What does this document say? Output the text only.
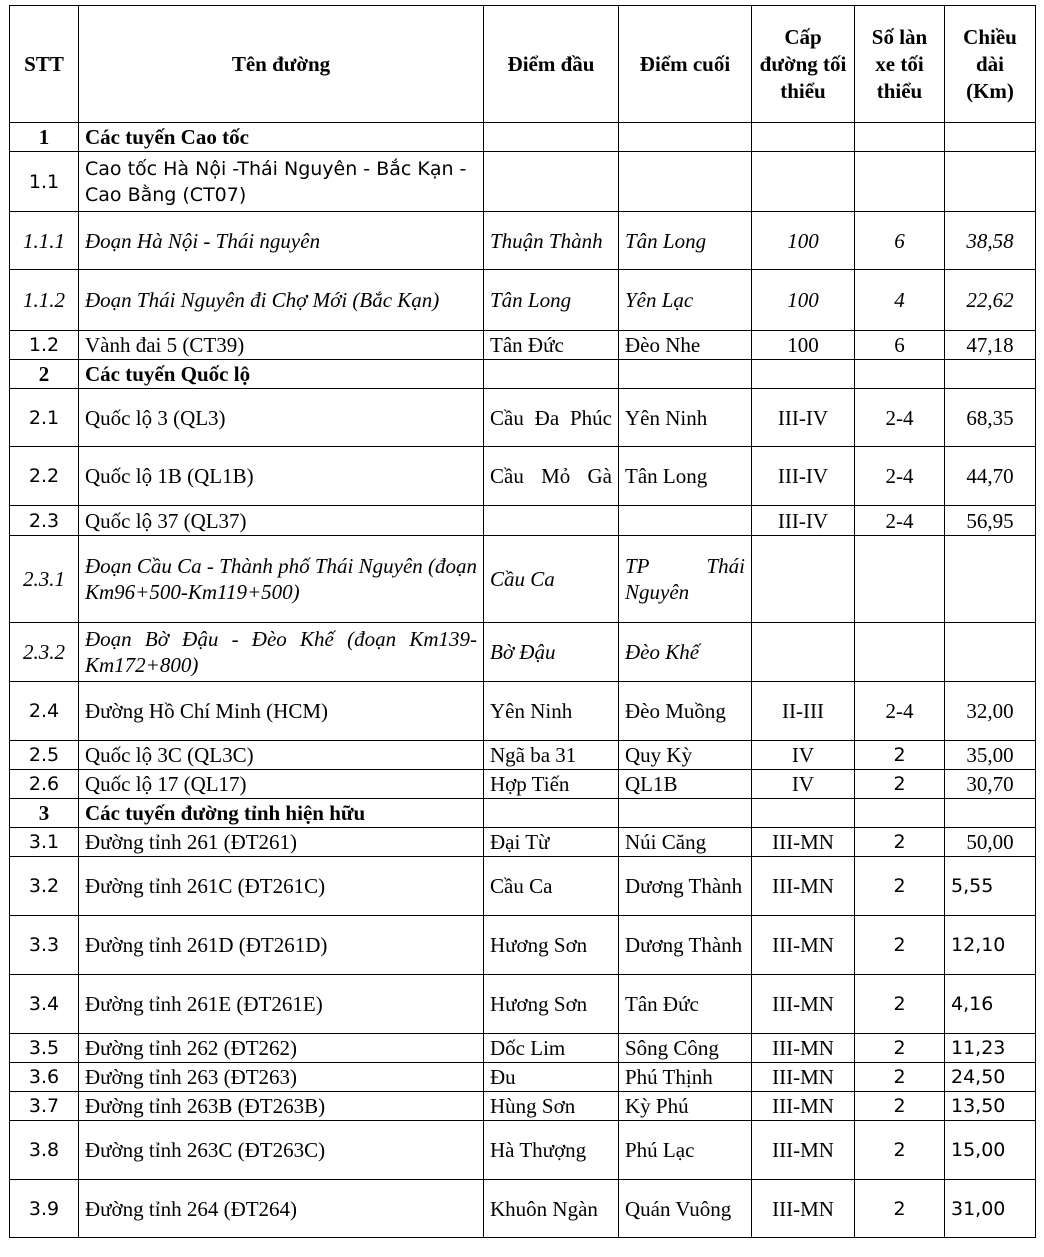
STT	Tên đường	Điểm đầu	Điểm cuối	Cấp đường tối thiểu	Số làn xe tối thiểu	Chiều dài (Km)
1	Các tuyến Cao tốc					
1.1	Cao tốc Hà Nội -Thái Nguyên - Bắc Kạn - Cao Bằng (CT07)					
1.1.1	Đoạn Hà Nội - Thái nguyên	Thuận Thành	Tân Long	100	6	38,58
1.1.2	Đoạn Thái Nguyên đi Chợ Mới (Bắc Kạn)	Tân Long	Yên Lạc	100	4	22,62
1.2	Vành đai 5 (CT39)	Tân Đức	Đèo Nhe	100	6	47,18
2	Các tuyến Quốc lộ					
2.1	Quốc lộ 3 (QL3)	Cầu Đa Phúc	Yên Ninh	III-IV	2-4	68,35
2.2	Quốc lộ 1B (QL1B)	Cầu Mỏ Gà	Tân Long	III-IV	2-4	44,70
2.3	Quốc lộ 37 (QL37)			III-IV	2-4	56,95
2.3.1	Đoạn Cầu Ca - Thành phố Thái Nguyên (đoạn Km96+500-Km119+500)	Cầu Ca	TP Thái Nguyên			
2.3.2	Đoạn Bờ Đậu - Đèo Khế (đoạn Km139-Km172+800)	Bờ Đậu	Đèo Khế			
2.4	Đường Hồ Chí Minh (HCM)	Yên Ninh	Đèo Muồng	II-III	2-4	32,00
2.5	Quốc lộ 3C (QL3C)	Ngã ba 31	Quy Kỳ	IV	2	35,00
2.6	Quốc lộ 17 (QL17)	Hợp Tiến	QL1B	IV	2	30,70
3	Các tuyến đường tỉnh hiện hữu					
3.1	Đường tỉnh 261 (ĐT261)	Đại Từ	Núi Căng	III-MN	2	50,00
3.2	Đường tỉnh 261C (ĐT261C)	Cầu Ca	Dương Thành	III-MN	2	5,55
3.3	Đường tỉnh 261D (ĐT261D)	Hương Sơn	Dương Thành	III-MN	2	12,10
3.4	Đường tỉnh 261E (ĐT261E)	Hương Sơn	Tân Đức	III-MN	2	4,16
3.5	Đường tỉnh 262 (ĐT262)	Dốc Lim	Sông Công	III-MN	2	11,23
3.6	Đường tỉnh 263 (ĐT263)	Đu	Phú Thịnh	III-MN	2	24,50
3.7	Đường tỉnh 263B (ĐT263B)	Hùng Sơn	Kỳ Phú	III-MN	2	13,50
3.8	Đường tỉnh 263C (ĐT263C)	Hà Thượng	Phú Lạc	III-MN	2	15,00
3.9	Đường tỉnh 264 (ĐT264)	Khuôn Ngàn	Quán Vuông	III-MN	2	31,00
